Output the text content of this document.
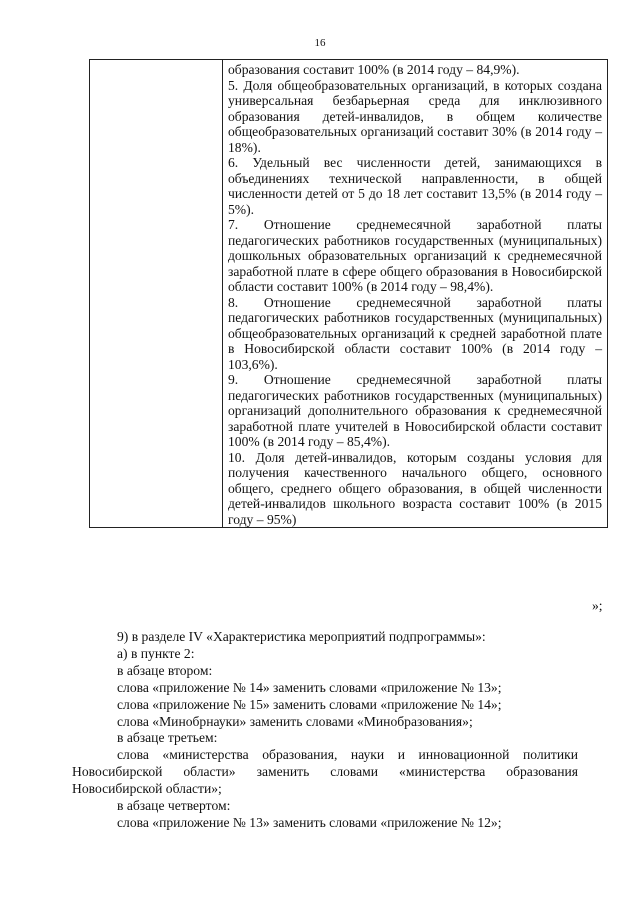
16

образования составит 100% (в 2014 году – 84,9%).
5. Доля общеобразовательных организаций, в которых создана универсальная безбарьерная среда для инклюзивного образования детей-инвалидов, в общем количестве общеобразовательных организаций составит 30% (в 2014 году – 18%).
6. Удельный вес численности детей, занимающихся в объединениях технической направленности, в общей численности детей от 5 до 18 лет составит 13,5% (в 2014 году – 5%).
7. Отношение среднемесячной заработной платы педагогических работников государственных (муниципальных) дошкольных образовательных организаций к среднемесячной заработной плате в сфере общего образования в Новосибирской области составит 100% (в 2014 году – 98,4%).
8. Отношение среднемесячной заработной платы педагогических работников государственных (муниципальных) общеобразовательных организаций к средней заработной плате в Новосибирской области составит 100% (в 2014 году – 103,6%).
9. Отношение среднемесячной заработной платы педагогических работников государственных (муниципальных) организаций дополнительного образования к среднемесячной заработной плате учителей в Новосибирской области составит 100% (в 2014 году – 85,4%).
10. Доля детей-инвалидов, которым созданы условия для получения качественного начального общего, основного общего, среднего общего образования, в общей численности детей-инвалидов школьного возраста составит 100% (в 2015 году – 95%)
»;

9) в разделе IV «Характеристика мероприятий подпрограммы»:

а) в пункте 2:

в абзаце втором:

слова «приложение № 14» заменить словами «приложение № 13»;

слова «приложение № 15» заменить словами «приложение № 14»;

слова «Минобрнауки» заменить словами «Минобразования»;

в абзаце третьем:

слова «министерства образования, науки и инновационной политики Новосибирской области» заменить словами «министерства образования Новосибирской области»;

в абзаце четвертом:

слова «приложение № 13» заменить словами «приложение № 12»;
